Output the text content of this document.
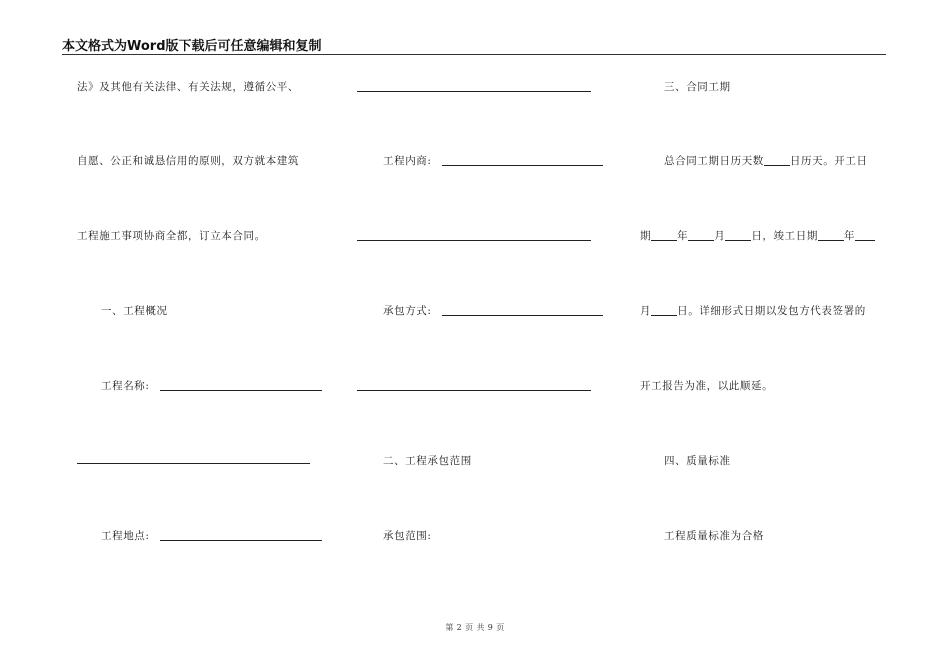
本文格式为Word版下载后可任意编辑和复制
法》及其他有关法律、有关法规，遵循公平、
自愿、公正和诚恳信用的原则，双方就本建筑
工程施工事项协商全都，订立本合同。
一、工程概况
工程名称:
工程地点:
工程内商:
承包方式:
二、工程承包范围
承包范围:
三、合同工期
总合同工期日历天数 日历天。开工日
期 年 月 日，竣工日期 年
月 日。详细形式日期以发包方代表签署的
开工报告为准，以此顺延。
四、质量标准
工程质量标准为合格
第 2 页 共 9 页
